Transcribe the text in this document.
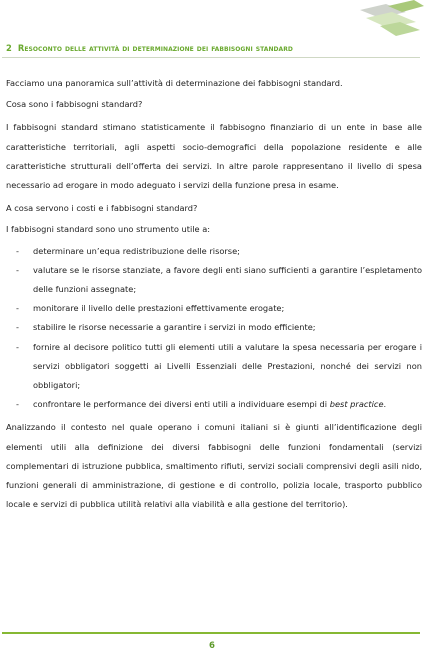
2 Resoconto delle attività di determinazione dei fabbisogni standard

Facciamo una panoramica sull’attività di determinazione dei fabbisogni standard.

Cosa sono i fabbisogni standard?

I fabbisogni standard stimano statisticamente il fabbisogno finanziario di un ente in base alle caratteristiche territoriali, agli aspetti socio-demografici della popolazione residente e alle caratteristiche strutturali dell’offerta dei servizi. In altre parole rappresentano il livello di spesa necessario ad erogare in modo adeguato i servizi della funzione presa in esame.

A cosa servono i costi e i fabbisogni standard?

I fabbisogni standard sono uno strumento utile a:

- determinare un’equa redistribuzione delle risorse;
- valutare se le risorse stanziate, a favore degli enti siano sufficienti a garantire l’espletamento delle funzioni assegnate;
- monitorare il livello delle prestazioni effettivamente erogate;
- stabilire le risorse necessarie a garantire i servizi in modo efficiente;
- fornire al decisore politico tutti gli elementi utili a valutare la spesa necessaria per erogare i servizi obbligatori soggetti ai Livelli Essenziali delle Prestazioni, nonché dei servizi non obbligatori;
- confrontare le performance dei diversi enti utili a individuare esempi di best practice.

Analizzando il contesto nel quale operano i comuni italiani si è giunti all’identificazione degli elementi utili alla definizione dei diversi fabbisogni delle funzioni fondamentali (servizi complementari di istruzione pubblica, smaltimento rifiuti, servizi sociali comprensivi degli asili nido, funzioni generali di amministrazione, di gestione e di controllo, polizia locale, trasporto pubblico locale e servizi di pubblica utilità relativi alla viabilità e alla gestione del territorio).

6
